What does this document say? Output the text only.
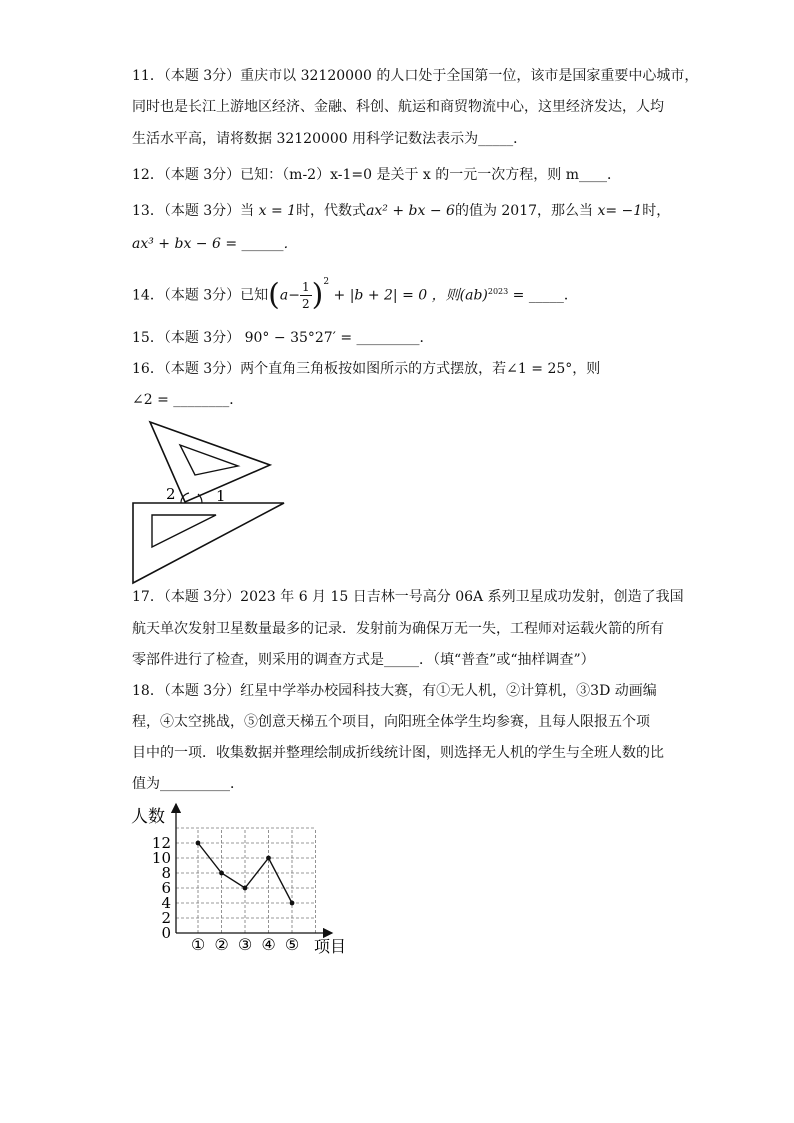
11．（本题 3分）重庆市以 32120000 的人口处于全国第一位，该市是国家重要中心城市，
同时也是长江上游地区经济、金融、科创、航运和商贸物流中心，这里经济发达，人均
生活水平高，请将数据 32120000 用科学记数法表示为_____．
12．（本题 3分）已知：（m-2）x-1=0 是关于 x 的一元一次方程，则 m____．
13．（本题 3分）当 x = 1时，代数式ax² + bx − 6的值为 2017，那么当 x= −1时，
ax³ + bx − 6 = ______．
14．（本题 3分）已知$(a- \frac{1}{2} )^2 + |b + 2| = 0$ ，则(ab)$^{2023}$ = _____．
15．（本题 3分） 90° − 35°27′ = _________．
16．（本题 3分）两个直角三角板按如图所示的方式摆放，若∠1 = 25°，则
∠2 = ________．
2	1
17．（本题 3分）2023 年 6 月 15 日吉林一号高分 06A 系列卫星成功发射，创造了我国
航天单次发射卫星数量最多的记录．发射前为确保万无一失，工程师对运载火箭的所有
零部件进行了检查，则采用的调查方式是_____．（填“普查”或“抽样调查”）
18．（本题 3分）红星中学举办校园科技大赛，有①无人机，②计算机，③3D 动画编
程，④太空挑战，⑤创意天梯五个项目，向阳班全体学生均参赛，且每人限报五个项
目中的一项．收集数据并整理绘制成折线统计图，则选择无人机的学生与全班人数的比
值为__________．
人数
项目
0
2
4
6
8
10
12
① ② ③ ④ ⑤
